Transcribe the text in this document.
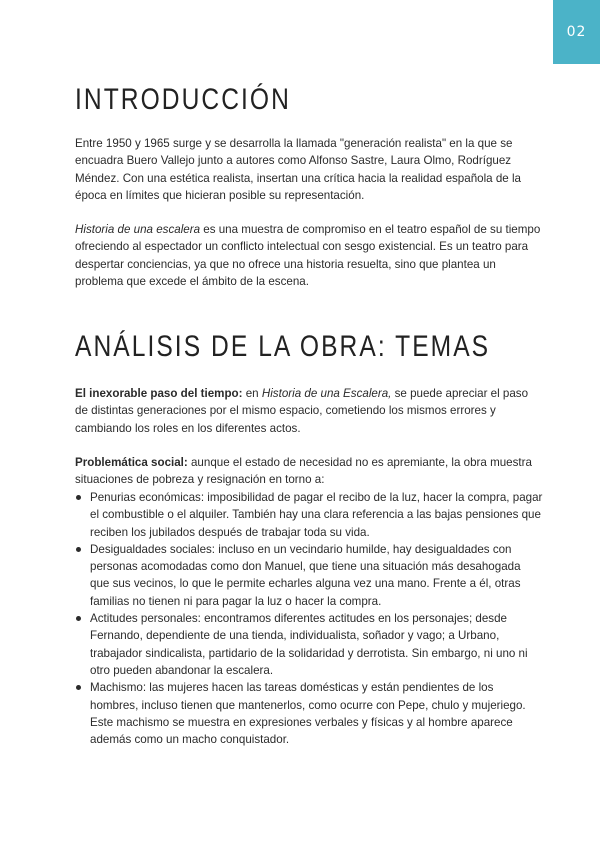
02
INTRODUCCIÓN

Entre 1950 y 1965 surge y se desarrolla la llamada "generación realista" en la que se encuadra Buero Vallejo junto a autores como Alfonso Sastre, Laura Olmo, Rodríguez Méndez. Con una estética realista, insertan una crítica hacia la realidad española de la época en límites que hicieran posible su representación.

Historia de una escalera es una muestra de compromiso en el teatro español de su tiempo ofreciendo al espectador un conflicto intelectual con sesgo existencial. Es un teatro para despertar conciencias, ya que no ofrece una historia resuelta, sino que plantea un problema que excede el ámbito de la escena.

ANÁLISIS DE LA OBRA: TEMAS

El inexorable paso del tiempo: en Historia de una Escalera, se puede apreciar el paso de distintas generaciones por el mismo espacio, cometiendo los mismos errores y cambiando los roles en los diferentes actos.

Problemática social: aunque el estado de necesidad no es apremiante, la obra muestra situaciones de pobreza y resignación en torno a:

Penurias económicas: imposibilidad de pagar el recibo de la luz, hacer la compra, pagar el combustible o el alquiler. También hay una clara referencia a las bajas pensiones que reciben los jubilados después de trabajar toda su vida.
Desigualdades sociales: incluso en un vecindario humilde, hay desigualdades con personas acomodadas como don Manuel, que tiene una situación más desahogada que sus vecinos, lo que le permite echarles alguna vez una mano. Frente a él, otras familias no tienen ni para pagar la luz o hacer la compra.
Actitudes personales: encontramos diferentes actitudes en los personajes; desde Fernando, dependiente de una tienda, individualista, soñador y vago; a Urbano, trabajador sindicalista, partidario de la solidaridad y derrotista. Sin embargo, ni uno ni otro pueden abandonar la escalera.
Machismo: las mujeres hacen las tareas domésticas y están pendientes de los hombres, incluso tienen que mantenerlos, como ocurre con Pepe, chulo y mujeriego. Este machismo se muestra en expresiones verbales y físicas y al hombre aparece además como un macho conquistador.
